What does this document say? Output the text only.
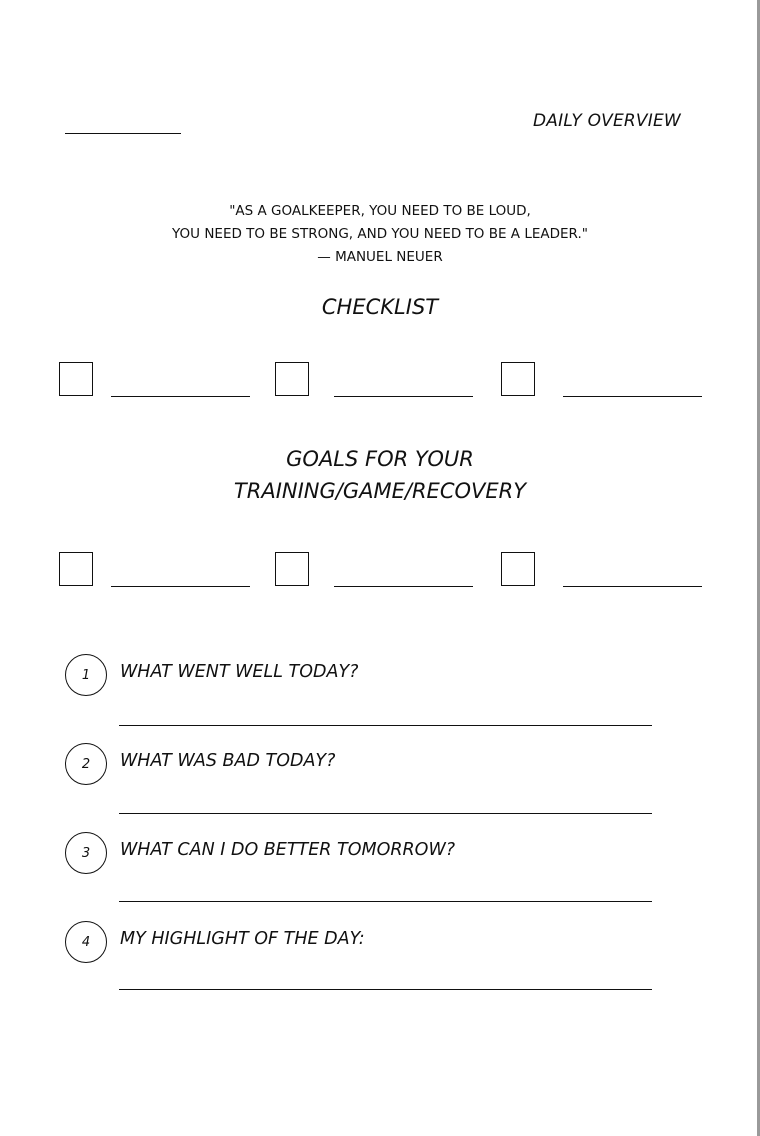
DAILY OVERVIEW
"AS A GOALKEEPER, YOU NEED TO BE LOUD,
YOU NEED TO BE STRONG, AND YOU NEED TO BE A LEADER."
— MANUEL NEUER
CHECKLIST
GOALS FOR YOUR
TRAINING/GAME/RECOVERY
1	WHAT WENT WELL TODAY?
2	WHAT WAS BAD TODAY?
3	WHAT CAN I DO BETTER TOMORROW?
4	MY HIGHLIGHT OF THE DAY:
